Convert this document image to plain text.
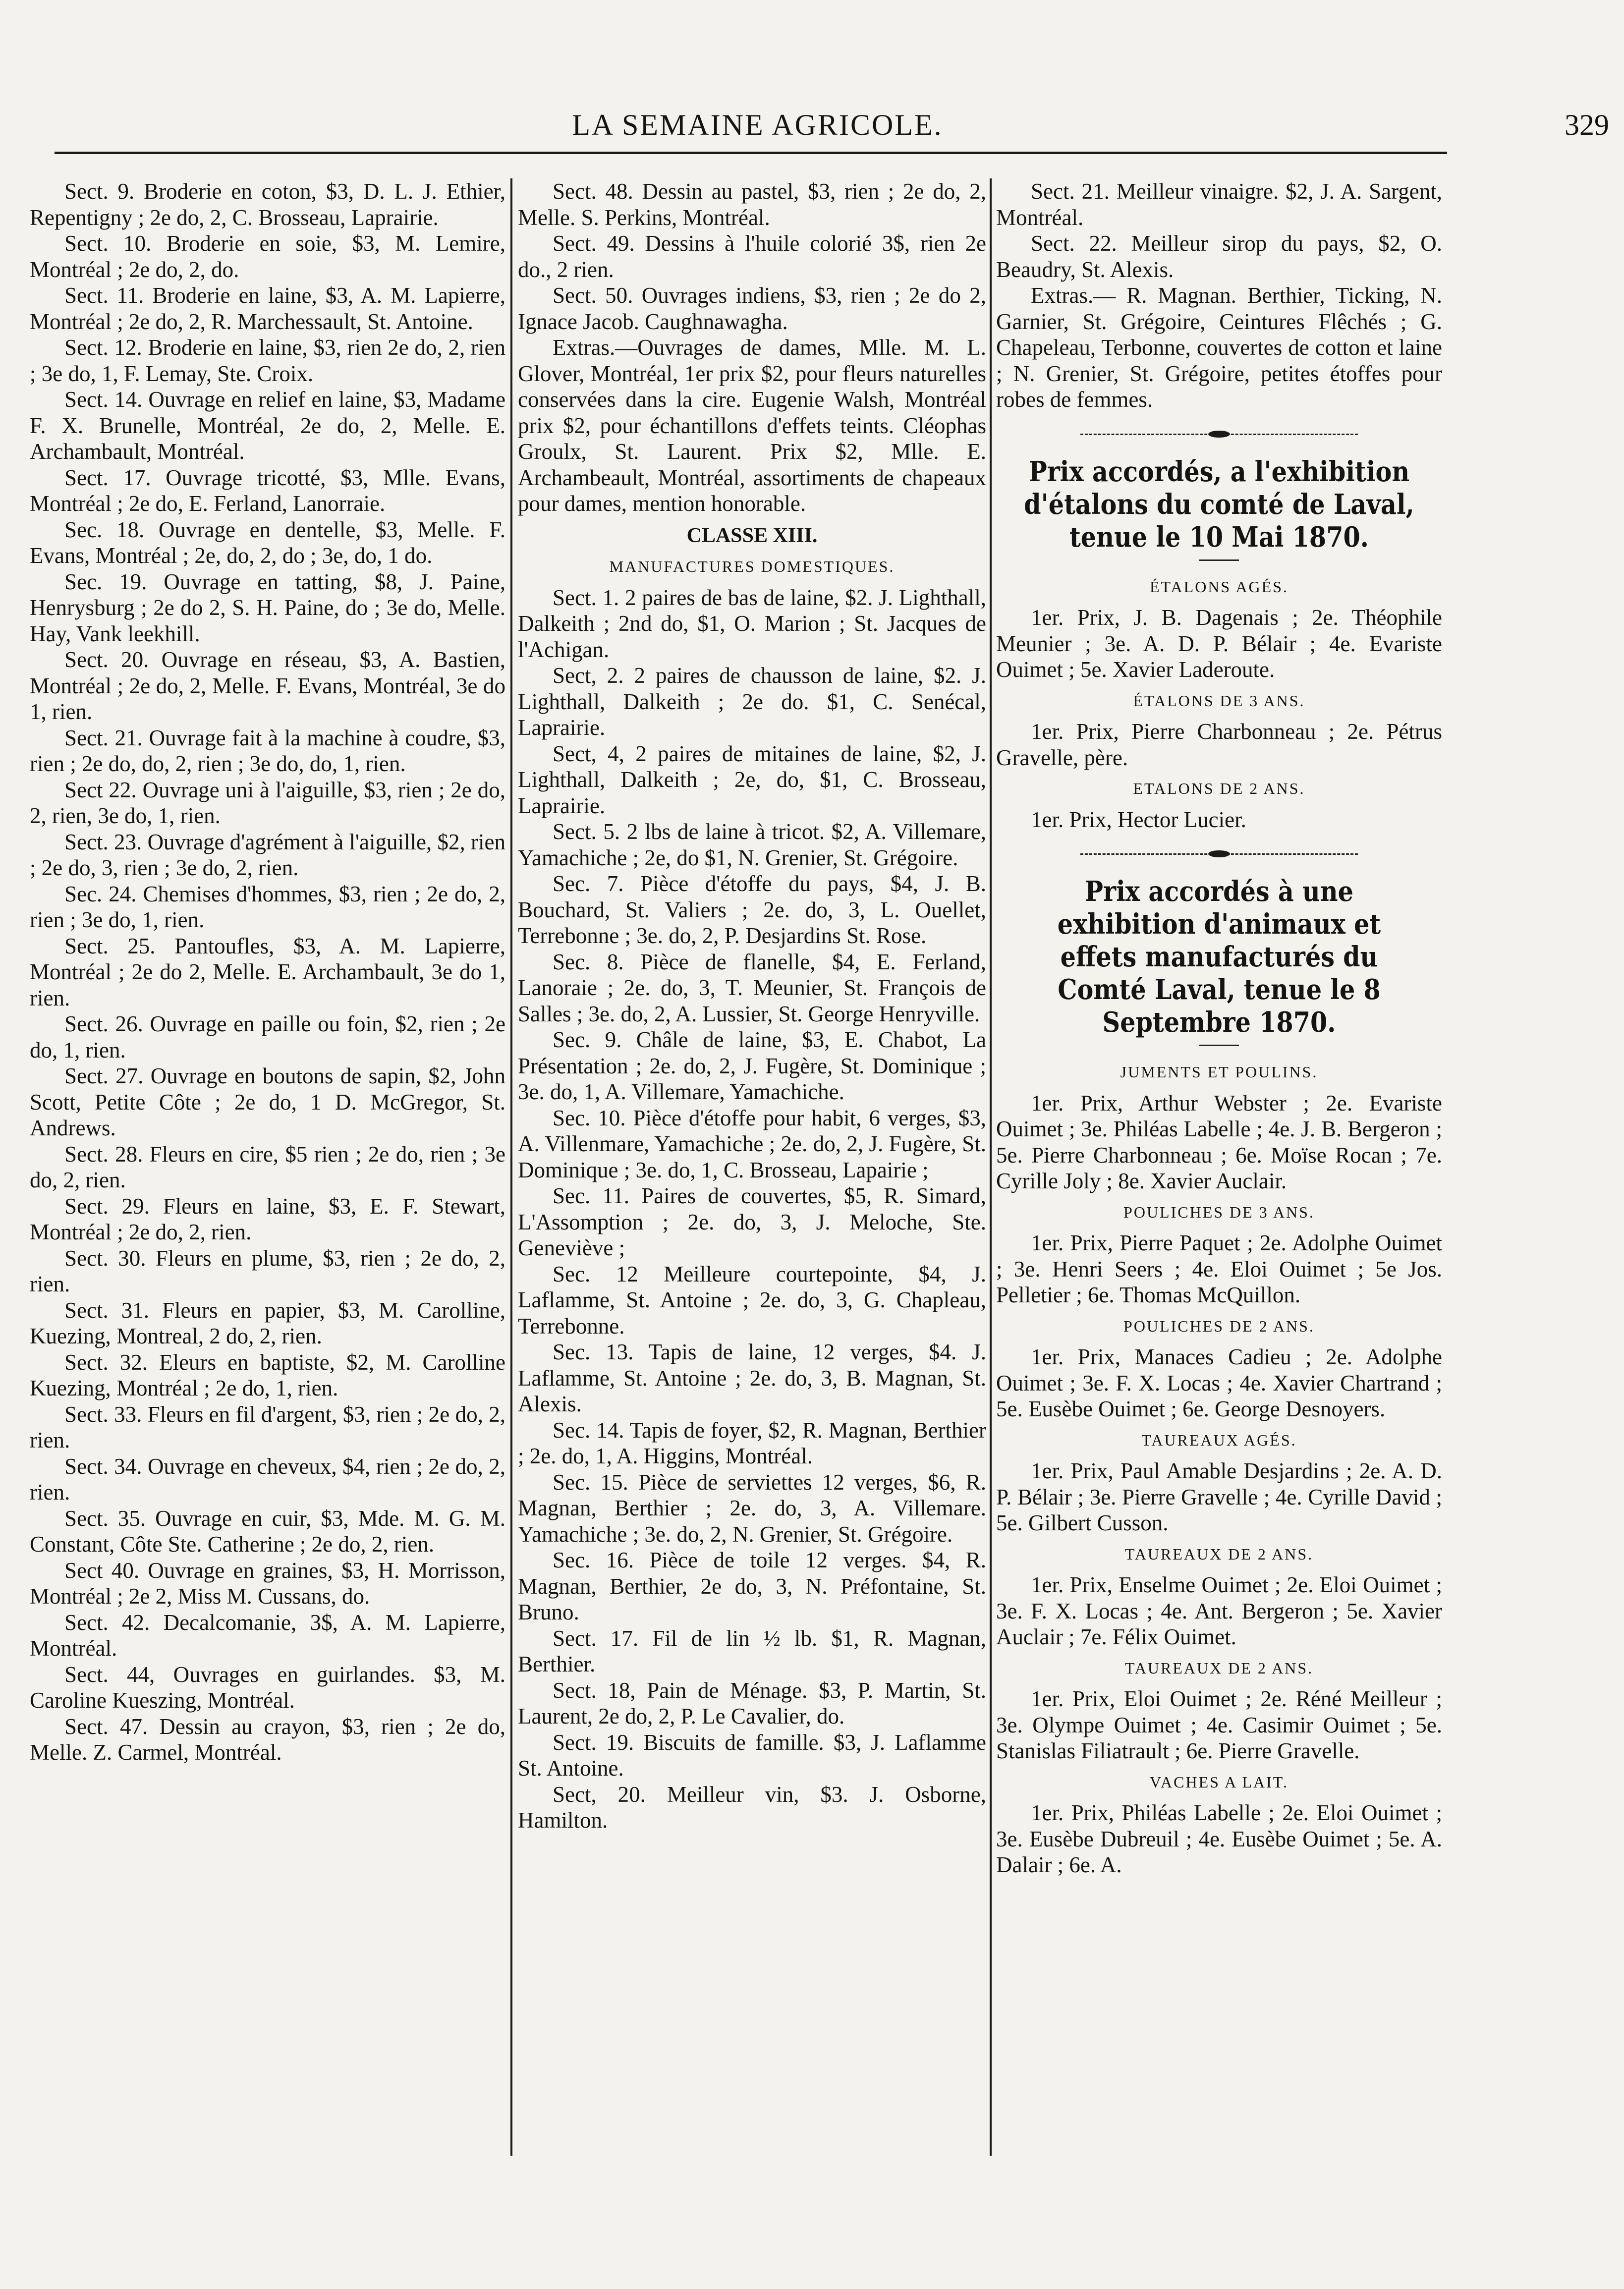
LA SEMAINE AGRICOLE.	329

Sect. 9. Broderie en coton, $3, D. L. J. Ethier, Repentigny ; 2e do, 2, C. Brosseau, Laprairie.

Sect. 10. Broderie en soie, $3, M. Lemire, Montréal ; 2e do, 2, do.

Sect. 11. Broderie en laine, $3, A. M. Lapierre, Montréal ; 2e do, 2, R. Marchessault, St. Antoine.

Sect. 12. Broderie en laine, $3, rien 2e do, 2, rien ; 3e do, 1, F. Lemay, Ste. Croix.

Sect. 14. Ouvrage en relief en laine, $3, Madame F. X. Brunelle, Montréal, 2e do, 2, Melle. E. Archambault, Montréal.

Sect. 17. Ouvrage tricotté, $3, Mlle. Evans, Montréal ; 2e do, E. Ferland, Lanorraie.

Sec. 18. Ouvrage en dentelle, $3, Melle. F. Evans, Montréal ; 2e, do, 2, do ; 3e, do, 1 do.

Sec. 19. Ouvrage en tatting, $8, J. Paine, Henrysburg ; 2e do 2, S. H. Paine, do ; 3e do, Melle. Hay, Vank leekhill.

Sect. 20. Ouvrage en réseau, $3, A. Bastien, Montréal ; 2e do, 2, Melle. F. Evans, Montréal, 3e do 1, rien.

Sect. 21. Ouvrage fait à la machine à coudre, $3, rien ; 2e do, do, 2, rien ; 3e do, do, 1, rien.

Sect 22. Ouvrage uni à l'aiguille, $3, rien ; 2e do, 2, rien, 3e do, 1, rien.

Sect. 23. Ouvrage d'agrément à l'aiguille, $2, rien ; 2e do, 3, rien ; 3e do, 2, rien.

Sec. 24. Chemises d'hommes, $3, rien ; 2e do, 2, rien ; 3e do, 1, rien.

Sect. 25. Pantoufles, $3, A. M. Lapierre, Montréal ; 2e do 2, Melle. E. Archambault, 3e do 1, rien.

Sect. 26. Ouvrage en paille ou foin, $2, rien ; 2e do, 1, rien.

Sect. 27. Ouvrage en boutons de sapin, $2, John Scott, Petite Côte ; 2e do, 1 D. McGregor, St. Andrews.

Sect. 28. Fleurs en cire, $5 rien ; 2e do, rien ; 3e do, 2, rien.

Sect. 29. Fleurs en laine, $3, E. F. Stewart, Montréal ; 2e do, 2, rien.

Sect. 30. Fleurs en plume, $3, rien ; 2e do, 2, rien.

Sect. 31. Fleurs en papier, $3, M. Carolline, Kuezing, Montreal, 2 do, 2, rien.

Sect. 32. Eleurs en baptiste, $2, M. Carolline Kuezing, Montréal ; 2e do, 1, rien.

Sect. 33. Fleurs en fil d'argent, $3, rien ; 2e do, 2, rien.

Sect. 34. Ouvrage en cheveux, $4, rien ; 2e do, 2, rien.

Sect. 35. Ouvrage en cuir, $3, Mde. M. G. M. Constant, Côte Ste. Catherine ; 2e do, 2, rien.

Sect 40. Ouvrage en graines, $3, H. Morrisson, Montréal ; 2e 2, Miss M. Cussans, do.

Sect. 42. Decalcomanie, 3$, A. M. Lapierre, Montréal.

Sect. 44, Ouvrages en guirlandes. $3, M. Caroline Kueszing, Montréal.

Sect. 47. Dessin au crayon, $3, rien ; 2e do, Melle. Z. Carmel, Montréal.

Sect. 48. Dessin au pastel, $3, rien ; 2e do, 2, Melle. S. Perkins, Montréal.

Sect. 49. Dessins à l'huile colorié 3$, rien 2e do., 2 rien.

Sect. 50. Ouvrages indiens, $3, rien ; 2e do 2, Ignace Jacob. Caughnawagha.

Extras.—Ouvrages de dames, Mlle. M. L. Glover, Montréal, 1er prix $2, pour fleurs naturelles conservées dans la cire. Eugenie Walsh, Montréal prix $2, pour échantillons d'effets teints. Cléophas Groulx, St. Laurent. Prix $2, Mlle. E. Archambeault, Montréal, assortiments de chapeaux pour dames, mention honorable.

CLASSE XIII.
MANUFACTURES DOMESTIQUES.

Sect. 1. 2 paires de bas de laine, $2. J. Lighthall, Dalkeith ; 2nd do, $1, O. Marion ; St. Jacques de l'Achigan.

Sect, 2. 2 paires de chausson de laine, $2. J. Lighthall, Dalkeith ; 2e do. $1, C. Senécal, Laprairie.

Sect, 4, 2 paires de mitaines de laine, $2, J. Lighthall, Dalkeith ; 2e, do, $1, C. Brosseau, Laprairie.

Sect. 5. 2 lbs de laine à tricot. $2, A. Villemare, Yamachiche ; 2e, do $1, N. Grenier, St. Grégoire.

Sec. 7. Pièce d'étoffe du pays, $4, J. B. Bouchard, St. Valiers ; 2e. do, 3, L. Ouellet, Terrebonne ; 3e. do, 2, P. Desjardins St. Rose.

Sec. 8. Pièce de flanelle, $4, E. Ferland, Lanoraie ; 2e. do, 3, T. Meunier, St. François de Salles ; 3e. do, 2, A. Lussier, St. George Henryville.

Sec. 9. Châle de laine, $3, E. Chabot, La Présentation ; 2e. do, 2, J. Fugère, St. Dominique ; 3e. do, 1, A. Villemare, Yamachiche.

Sec. 10. Pièce d'étoffe pour habit, 6 verges, $3, A. Villenmare, Yamachiche ; 2e. do, 2, J. Fugère, St. Dominique ; 3e. do, 1, C. Brosseau, Lapairie ;

Sec. 11. Paires de couvertes, $5, R. Simard, L'Assomption ; 2e. do, 3, J. Meloche, Ste. Geneviève ;

Sec. 12 Meilleure courtepointe, $4, J. Laflamme, St. Antoine ; 2e. do, 3, G. Chapleau, Terrebonne.

Sec. 13. Tapis de laine, 12 verges, $4. J. Laflamme, St. Antoine ; 2e. do, 3, B. Magnan, St. Alexis.

Sec. 14. Tapis de foyer, $2, R. Magnan, Berthier ; 2e. do, 1, A. Higgins, Montréal.

Sec. 15. Pièce de serviettes 12 verges, $6, R. Magnan, Berthier ; 2e. do, 3, A. Villemare. Yamachiche ; 3e. do, 2, N. Grenier, St. Grégoire.

Sec. 16. Pièce de toile 12 verges. $4, R. Magnan, Berthier, 2e do, 3, N. Préfontaine, St. Bruno.

Sect. 17. Fil de lin ½ lb. $1, R. Magnan, Berthier.

Sect. 18, Pain de Ménage. $3, P. Martin, St. Laurent, 2e do, 2, P. Le Cavalier, do.

Sect. 19. Biscuits de famille. $3, J. Laflamme St. Antoine.

Sect, 20. Meilleur vin, $3. J. Osborne, Hamilton.

Sect. 21. Meilleur vinaigre. $2, J. A. Sargent, Montréal.

Sect. 22. Meilleur sirop du pays, $2, O. Beaudry, St. Alexis.

Extras.— R. Magnan. Berthier, Ticking, N. Garnier, St. Grégoire, Ceintures Flêchés ; G. Chapeleau, Terbonne, couvertes de cotton et laine ; N. Grenier, St. Grégoire, petites étoffes pour robes de femmes.

Prix accordés, a l'exhibition d'étalons du comté de Laval, tenue le 10 Mai 1870.
ÉTALONS AGÉS.

1er. Prix, J. B. Dagenais ; 2e. Théophile Meunier ; 3e. A. D. P. Bélair ; 4e. Evariste Ouimet ; 5e. Xavier Laderoute.

ÉTALONS DE 3 ANS.

1er. Prix, Pierre Charbonneau ; 2e. Pétrus Gravelle, père.

ETALONS DE 2 ANS.

1er. Prix, Hector Lucier.

Prix accordés à une exhibition d'animaux et effets manufacturés du Comté Laval, tenue le 8 Septembre 1870.
JUMENTS ET POULINS.

1er. Prix, Arthur Webster ; 2e. Evariste Ouimet ; 3e. Philéas Labelle ; 4e. J. B. Bergeron ; 5e. Pierre Charbonneau ; 6e. Moïse Rocan ; 7e. Cyrille Joly ; 8e. Xavier Auclair.

POULICHES DE 3 ANS.

1er. Prix, Pierre Paquet ; 2e. Adolphe Ouimet ; 3e. Henri Seers ; 4e. Eloi Ouimet ; 5e Jos. Pelletier ; 6e. Thomas McQuillon.

POULICHES DE 2 ANS.

1er. Prix, Manaces Cadieu ; 2e. Adolphe Ouimet ; 3e. F. X. Locas ; 4e. Xavier Chartrand ; 5e. Eusèbe Ouimet ; 6e. George Desnoyers.

TAUREAUX AGÉS.

1er. Prix, Paul Amable Desjardins ; 2e. A. D. P. Bélair ; 3e. Pierre Gravelle ; 4e. Cyrille David ; 5e. Gilbert Cusson.

TAUREAUX DE 2 ANS.

1er. Prix, Enselme Ouimet ; 2e. Eloi Ouimet ; 3e. F. X. Locas ; 4e. Ant. Bergeron ; 5e. Xavier Auclair ; 7e. Félix Ouimet.

TAUREAUX DE 2 ANS.

1er. Prix, Eloi Ouimet ; 2e. Réné Meilleur ; 3e. Olympe Ouimet ; 4e. Casimir Ouimet ; 5e. Stanislas Filiatrault ; 6e. Pierre Gravelle.

VACHES A LAIT.

1er. Prix, Philéas Labelle ; 2e. Eloi Ouimet ; 3e. Eusèbe Dubreuil ; 4e. Eusèbe Ouimet ; 5e. A. Dalair ; 6e. A.
